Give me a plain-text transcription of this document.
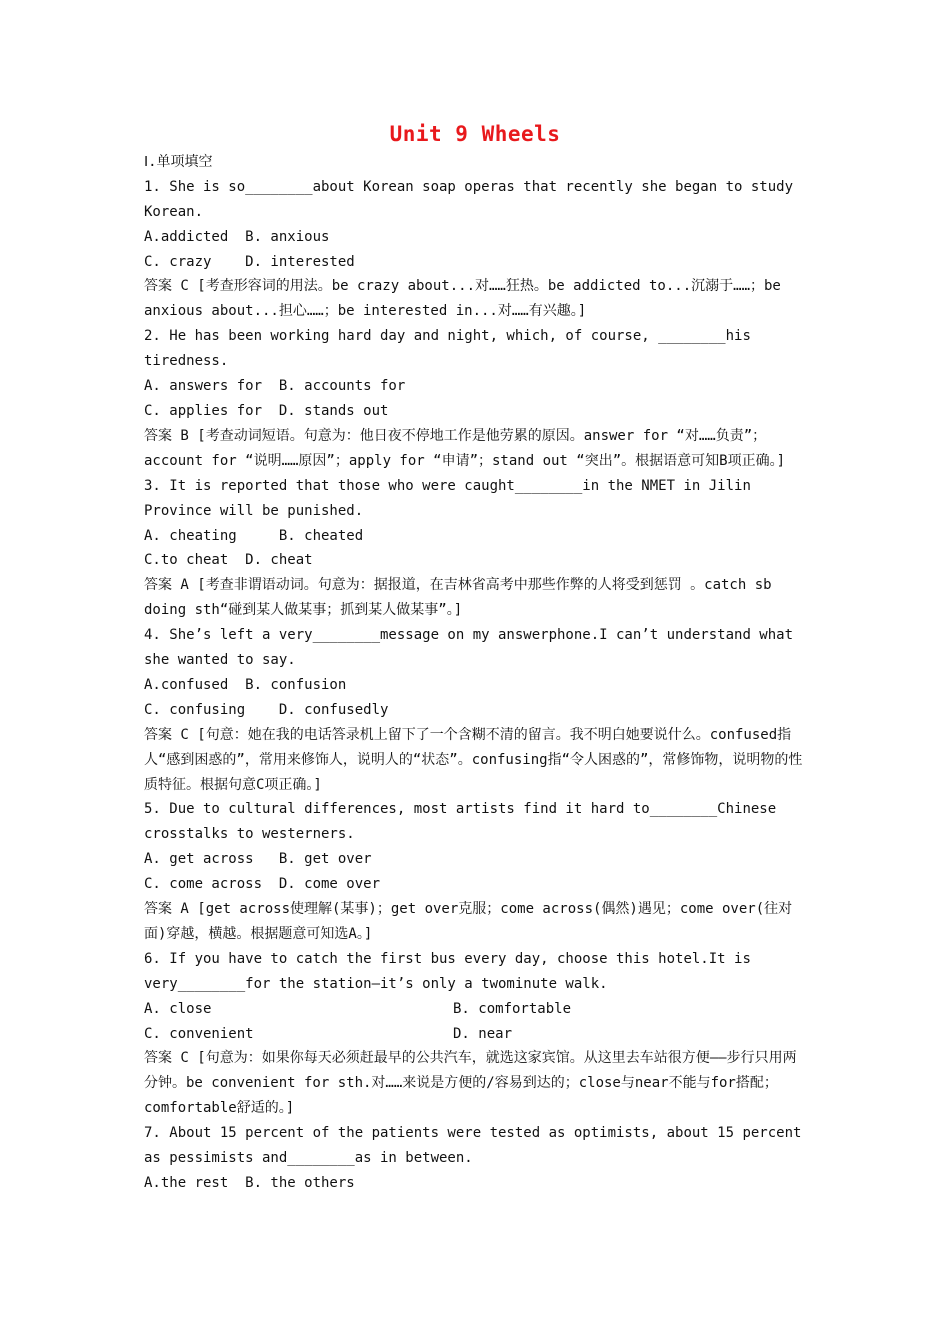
Unit 9 Wheels
Ⅰ.单项填空
1. She is so________about Korean soap operas that recently she began to study Korean.
A.addicted  B. anxious
C. crazy    D. interested
答案 C [考查形容词的用法。be crazy about...对……狂热。be addicted to...沉溺于……；be anxious about...担心……；be interested in...对……有兴趣。]
2. He has been working hard day and night, which, of course, ________his tiredness.
A. answers for  B. accounts for
C. applies for  D. stands out
答案 B [考查动词短语。句意为：他日夜不停地工作是他劳累的原因。answer for “对……负责”；account for “说明……原因”；apply for “申请”；stand out “突出”。根据语意可知B项正确。]
3. It is reported that those who were caught________in the NMET in Jilin Province will be punished.
A. cheating     B. cheated
C.to cheat  D. cheat
答案 A [考查非谓语动词。句意为：据报道，在吉林省高考中那些作弊的人将受到惩罚 。catch sb doing sth“碰到某人做某事；抓到某人做某事”。]
4. She’s left a very________message on my answerphone.I can’t understand what she wanted to say.
A.confused  B. confusion
C. confusing    D. confusedly
答案 C [句意：她在我的电话答录机上留下了一个含糊不清的留言。我不明白她要说什么。confused指人“感到困惑的”，常用来修饰人，说明人的“状态”。confusing指“令人困惑的”，常修饰物，说明物的性质特征。根据句意C项正确。]
5. Due to cultural differences, most artists find it hard to________Chinese crosstalks to westerners.
A. get across   B. get over
C. come across  D. come over
答案 A [get across使理解(某事)；get over克服；come across(偶然)遇见；come over(往对面)穿越，横越。根据题意可知选A。]
6. If you have to catch the first bus every day, choose this hotel.It is very________for the station—it’s only a twominute walk.
A. close	B. comfortable
C. convenient	D. near
答案 C [句意为：如果你每天必须赶最早的公共汽车，就选这家宾馆。从这里去车站很方便——步行只用两分钟。be convenient for sth.对……来说是方便的/容易到达的；close与near不能与for搭配；comfortable舒适的。]
7. About 15 percent of the patients were tested as optimists, about 15 percent as pessimists and________as in between.
A.the rest  B. the others
